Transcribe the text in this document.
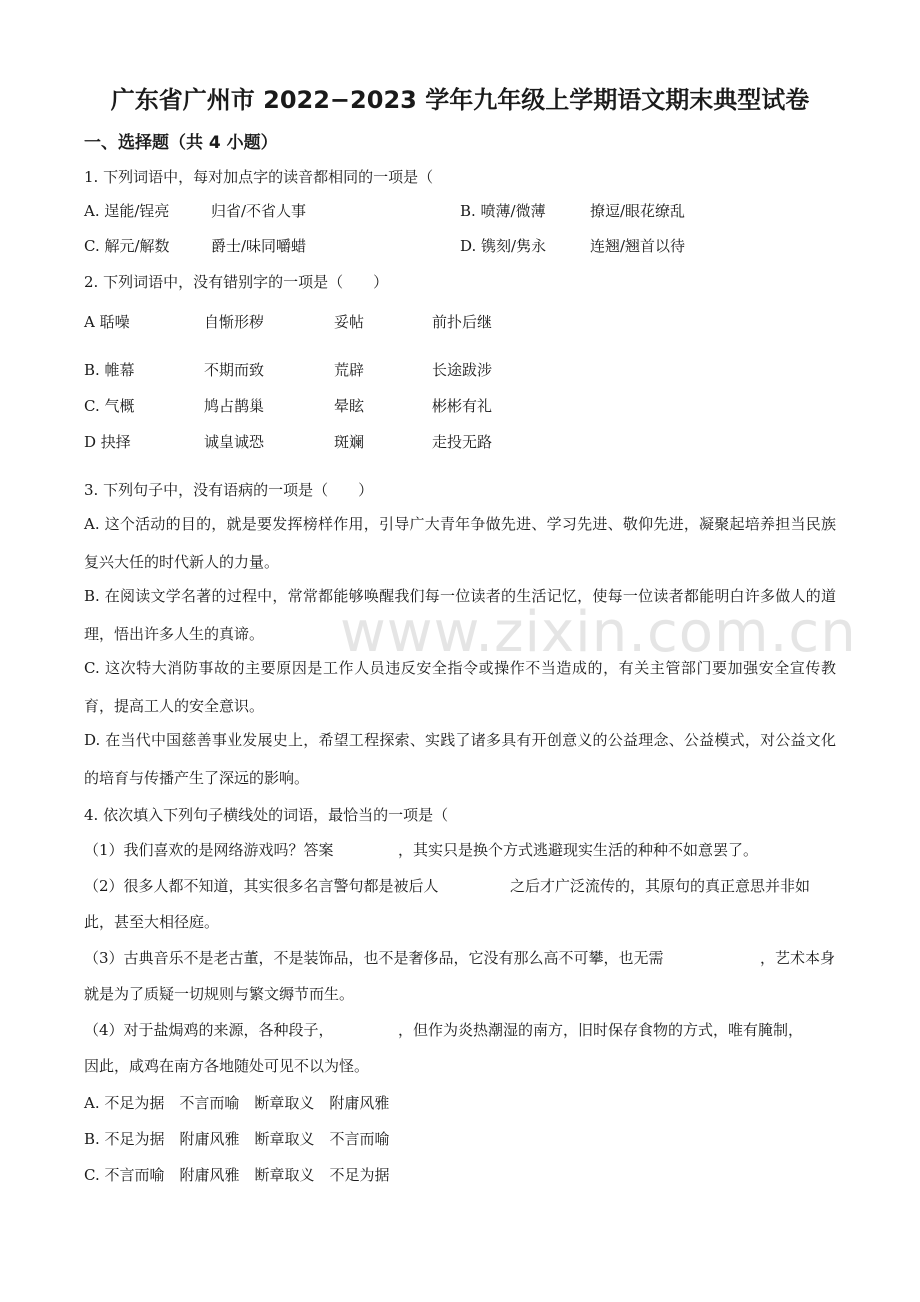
广东省广州市 2022−2023 学年九年级上学期语文期末典型试卷
一、选择题（共 4 小题）
1. 下列词语中，每对加点字的读音都相同的一项是（
A. 逞能/锃亮	归省/不省人事	B. 喷薄/微薄	撩逗/眼花缭乱
C. 解元/解数	爵士/味同嚼蜡	D. 镌刻/隽永	连翘/翘首以待
2. 下列词语中，没有错别字的一项是（　　）
A 聒噪	自惭形秽	妥帖	前扑后继
B. 帷幕	不期而致	荒辟	长途跋涉
C. 气概	鸠占鹊巢	晕眩	彬彬有礼
D 抉择	诚皇诚恐	斑斓	走投无路
3. 下列句子中，没有语病的一项是（　　）
A. 这个活动的目的，就是要发挥榜样作用，引导广大青年争做先进、学习先进、敬仰先进，凝聚起培养担当民族复兴大任的时代新人的力量。
B. 在阅读文学名著的过程中，常常都能够唤醒我们每一位读者的生活记忆，使每一位读者都能明白许多做人的道理，悟出许多人生的真谛。
C. 这次特大消防事故的主要原因是工作人员违反安全指令或操作不当造成的，有关主管部门要加强安全宣传教育，提高工人的安全意识。
D. 在当代中国慈善事业发展史上，希望工程探索、实践了诸多具有开创意义的公益理念、公益模式，对公益文化的培育与传播产生了深远的影响。
4. 依次填入下列句子横线处的词语，最恰当的一项是（
（1）我们喜欢的是网络游戏吗？答案	，其实只是换个方式逃避现实生活的种种不如意罢了。
（2）很多人都不知道，其实很多名言警句都是被后人	之后才广泛流传的，其原句的真正意思并非如
此，甚至大相径庭。
（3）古典音乐不是老古董，不是装饰品，也不是奢侈品，它没有那么高不可攀，也无需	，艺术本身
就是为了质疑一切规则与繁文缛节而生。
（4）对于盐焗鸡的来源，各种段子，	，但作为炎热潮湿的南方，旧时保存食物的方式，唯有腌制，
因此，咸鸡在南方各地随处可见不以为怪。
A. 不足为据　不言而喻　断章取义　附庸风雅
B. 不足为据　附庸风雅　断章取义　不言而喻
C. 不言而喻　附庸风雅　断章取义　不足为据
www.zixin.com.cn
